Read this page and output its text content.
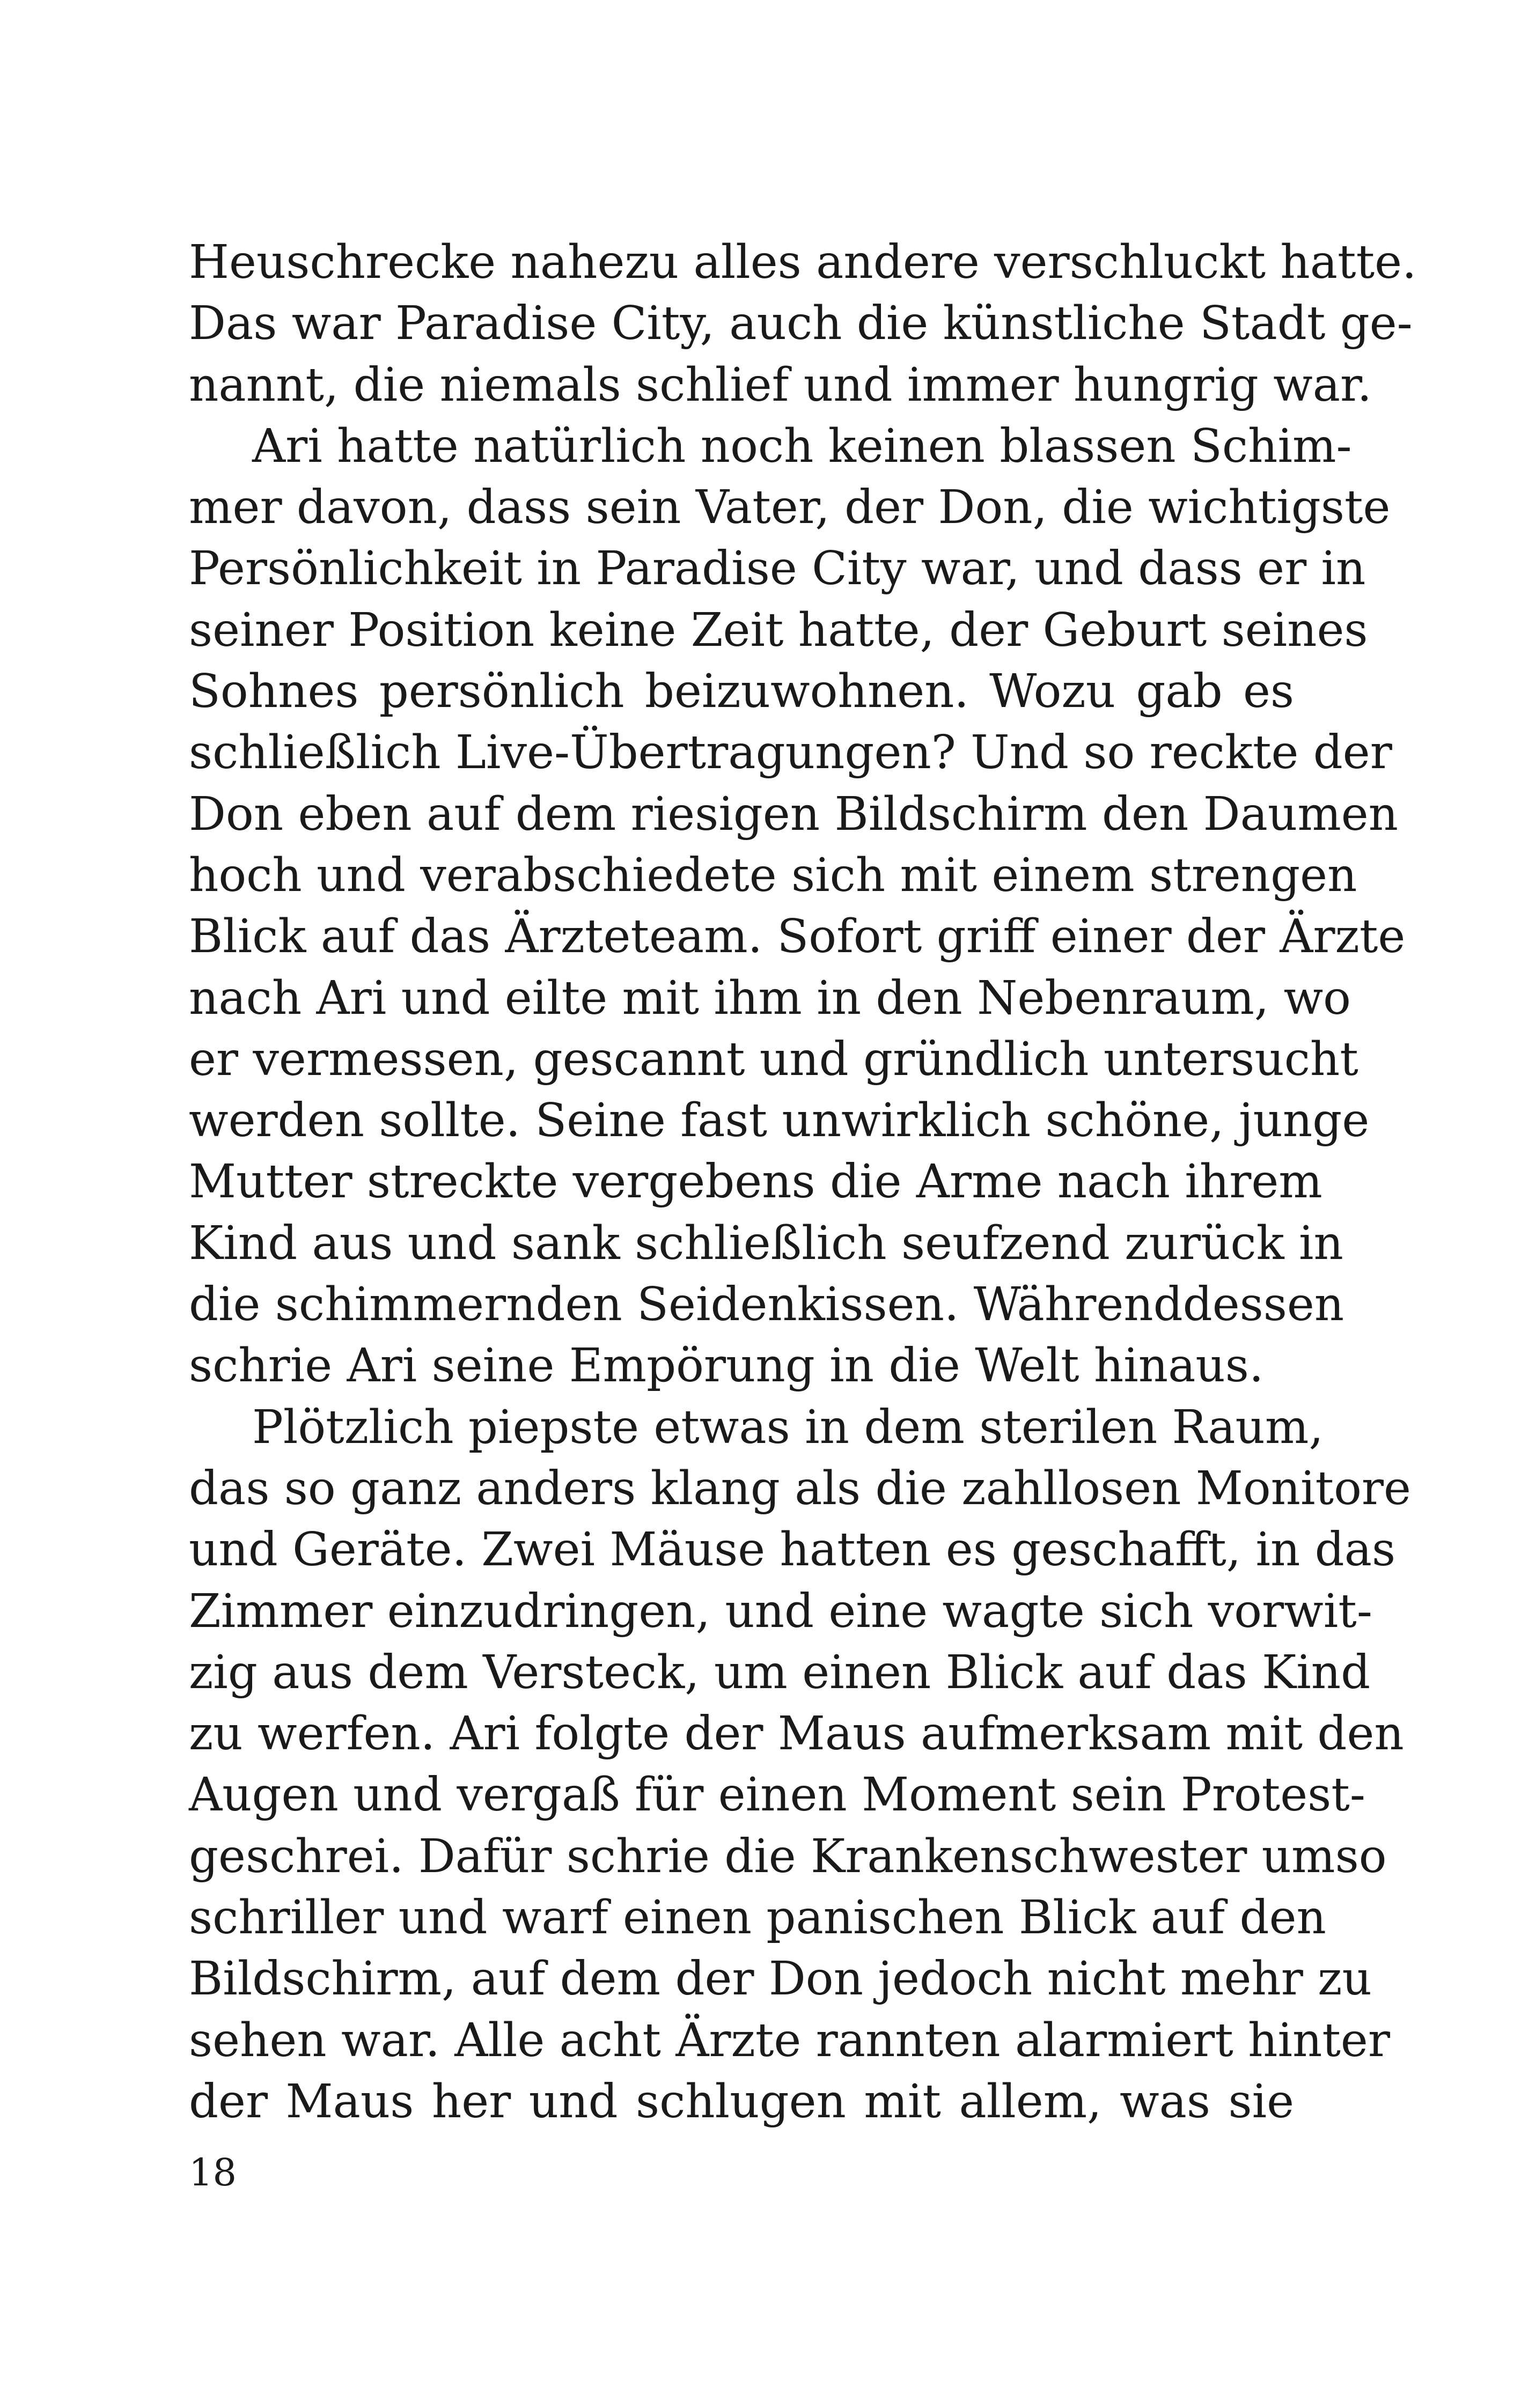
Heuschrecke nahezu alles andere verschluckt hatte.
Das war Paradise City, auch die künstliche Stadt ge-
nannt, die niemals schlief und immer hungrig war.
Ari hatte natürlich noch keinen blassen Schim-
mer davon, dass sein Vater, der Don, die wichtigste
Persönlichkeit in Paradise City war, und dass er in
seiner Position keine Zeit hatte, der Geburt seines
Sohnes persönlich beizuwohnen. Wozu gab es
schließlich Live-Übertragungen? Und so reckte der
Don eben auf dem riesigen Bildschirm den Daumen
hoch und verabschiedete sich mit einem strengen
Blick auf das Ärzteteam. Sofort griff einer der Ärzte
nach Ari und eilte mit ihm in den Nebenraum, wo
er vermessen, gescannt und gründlich untersucht
werden sollte. Seine fast unwirklich schöne, junge
Mutter streckte vergebens die Arme nach ihrem
Kind aus und sank schließlich seufzend zurück in
die schimmernden Seidenkissen. Währenddessen
schrie Ari seine Empörung in die Welt hinaus.
Plötzlich piepste etwas in dem sterilen Raum,
das so ganz anders klang als die zahllosen Monitore
und Geräte. Zwei Mäuse hatten es geschafft, in das
Zimmer einzudringen, und eine wagte sich vorwit-
zig aus dem Versteck, um einen Blick auf das Kind
zu werfen. Ari folgte der Maus aufmerksam mit den
Augen und vergaß für einen Moment sein Protest-
geschrei. Dafür schrie die Krankenschwester umso
schriller und warf einen panischen Blick auf den
Bildschirm, auf dem der Don jedoch nicht mehr zu
sehen war. Alle acht Ärzte rannten alarmiert hinter
der Maus her und schlugen mit allem, was sie
18
